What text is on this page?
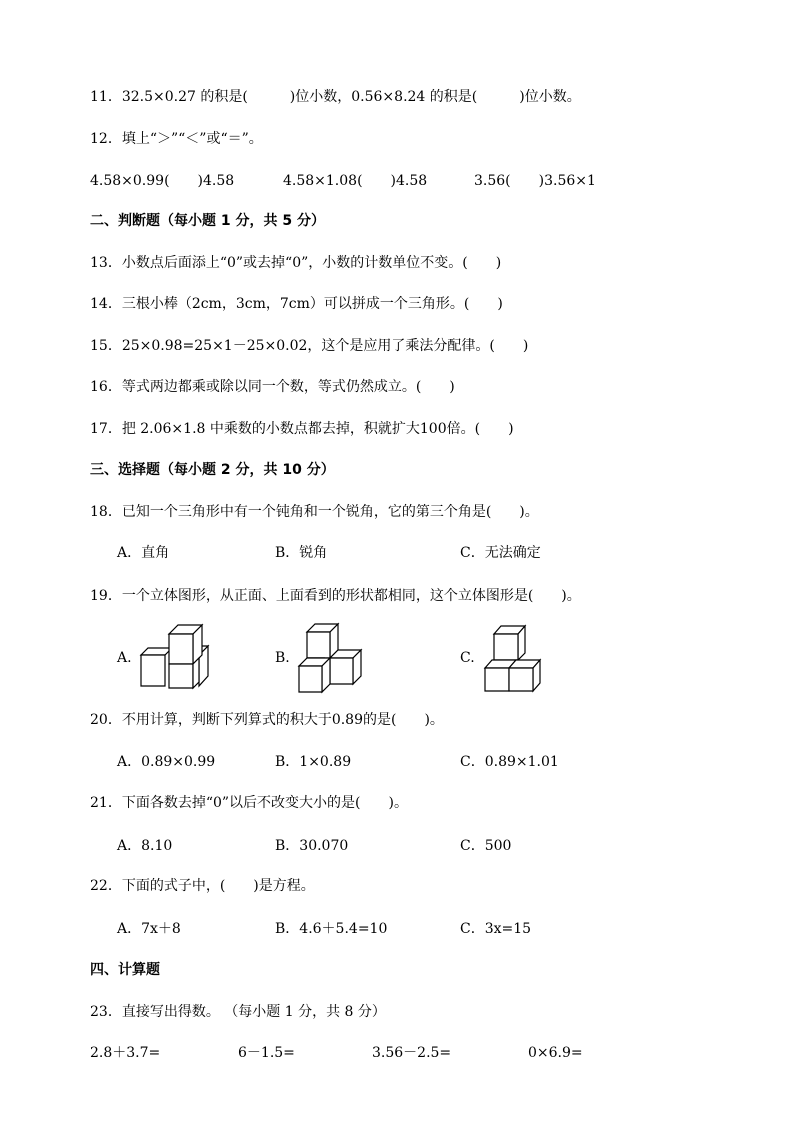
11．32.5×0.27 的积是(　　　)位小数，0.56×8.24 的积是(　　　)位小数。
12．填上“＞”“＜”或“＝”。
4.58×0.99(　　)4.58	4.58×1.08(　　)4.58	3.56(　　)3.56×1
二、判断题（每小题 1 分，共 5 分）
13．小数点后面添上“0”或去掉“0”，小数的计数单位不变。(　　)
14．三根小棒（2cm，3cm，7cm）可以拼成一个三角形。(　　)
15．25×0.98=25×1－25×0.02，这个是应用了乘法分配律。(　　)
16．等式两边都乘或除以同一个数，等式仍然成立。(　　)
17．把 2.06×1.8 中乘数的小数点都去掉，积就扩大100倍。(　　)
三、选择题（每小题 2 分，共 10 分）
18．已知一个三角形中有一个钝角和一个锐角，它的第三个角是(　　)。
A．直角	B．锐角	C．无法确定
19．一个立体图形，从正面、上面看到的形状都相同，这个立体图形是(　　)。
A.	B.	C.
20．不用计算，判断下列算式的积大于0.89的是(　　)。
A．0.89×0.99	B．1×0.89	C．0.89×1.01
21．下面各数去掉“0”以后不改变大小的是(　　)。
A．8.10	B．30.070	C．500
22．下面的式子中，(　　)是方程。
A．7x＋8	B．4.6＋5.4=10	C．3x=15
四、计算题
23．直接写出得数。 （每小题 1 分，共 8 分）
2.8＋3.7=	6－1.5=	3.56－2.5=	0×6.9=
